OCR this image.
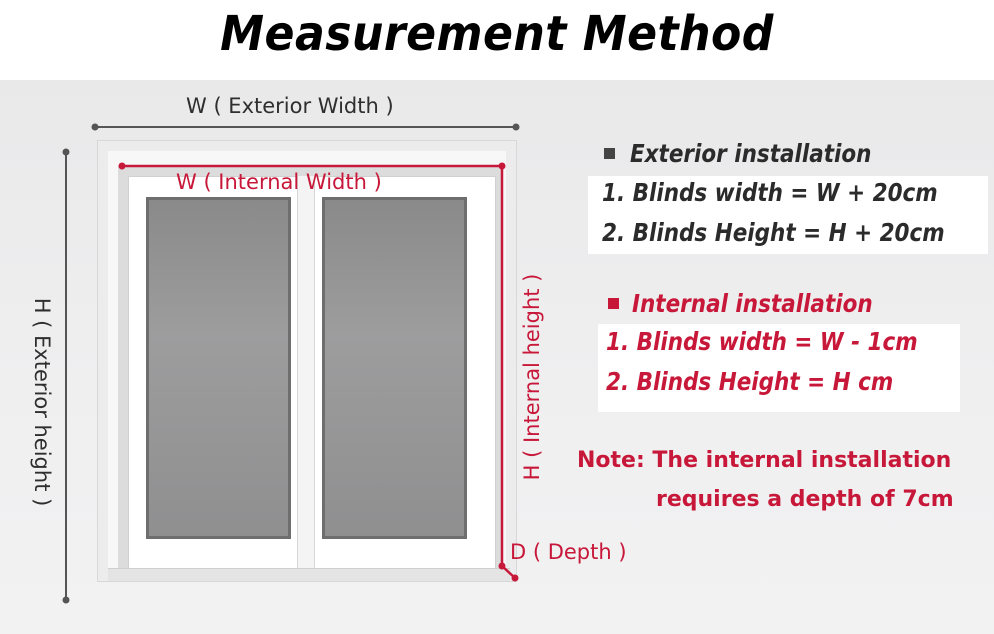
Measurement Method
W ( Exterior Width )
W ( Internal Width )
H ( Exterior height )	H ( Internal height )
D ( Depth )
Exterior installation
1. Blinds width = W + 20cm
2. Blinds Height = H + 20cm
Internal installation
1. Blinds width = W - 1cm
2. Blinds Height = H cm
Note: The internal installation
requires a depth of 7cm
